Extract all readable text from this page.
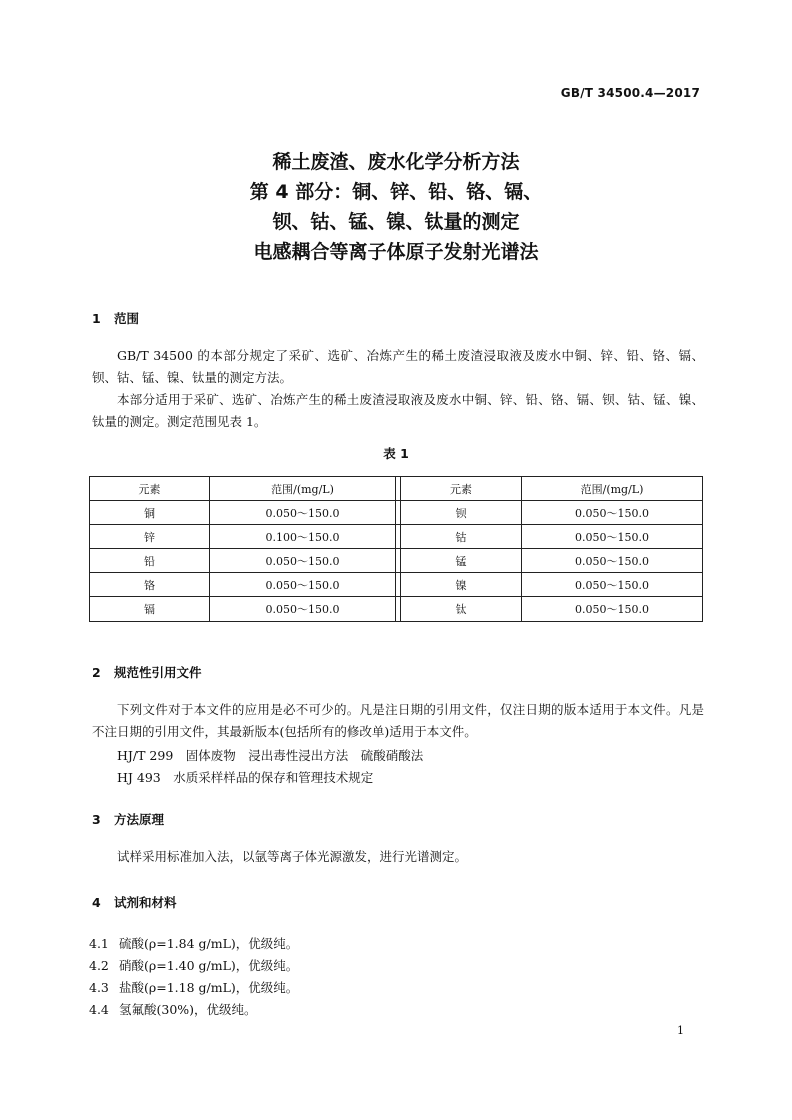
GB/T 34500.4—2017
稀土废渣、废水化学分析方法
第 4 部分：铜、锌、铅、铬、镉、
钡、钴、锰、镍、钛量的测定
电感耦合等离子体原子发射光谱法
1 范围

GB/T 34500 的本部分规定了采矿、选矿、冶炼产生的稀土废渣浸取液及废水中铜、锌、铅、铬、镉、钡、钴、锰、镍、钛量的测定方法。

本部分适用于采矿、选矿、冶炼产生的稀土废渣浸取液及废水中铜、锌、铅、铬、镉、钡、钴、锰、镍、钛量的测定。测定范围见表 1。

表 1
元素	范围/(mg/L)	元素	范围/(mg/L)
铜	0.050～150.0	钡	0.050～150.0
锌	0.100～150.0	钴	0.050～150.0
铅	0.050～150.0	锰	0.050～150.0
铬	0.050～150.0	镍	0.050～150.0
镉	0.050～150.0	钛	0.050～150.0
2 规范性引用文件

下列文件对于本文件的应用是必不可少的。凡是注日期的引用文件，仅注日期的版本适用于本文件。凡是不注日期的引用文件，其最新版本(包括所有的修改单)适用于本文件。

HJ/T 299　固体废物　浸出毒性浸出方法　硫酸硝酸法
HJ 493　水质采样样品的保存和管理技术规定
3 方法原理

试样采用标准加入法，以氩等离子体光源激发，进行光谱测定。

4 试剂和材料
4.1 硫酸(ρ=1.84 g/mL)，优级纯。
4.2 硝酸(ρ=1.40 g/mL)，优级纯。
4.3 盐酸(ρ=1.18 g/mL)，优级纯。
4.4 氢氟酸(30%)，优级纯。
1
